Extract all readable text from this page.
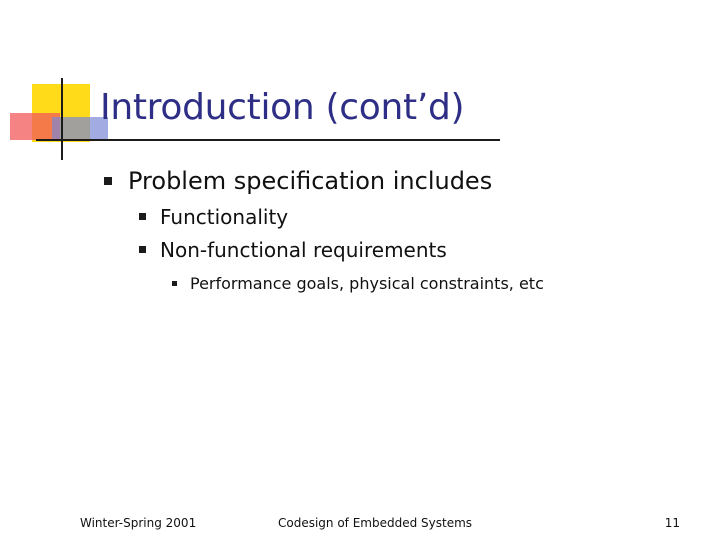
Introduction (cont’d)

Problem specification includes

Functionality

Non-functional requirements

Performance goals, physical constraints, etc

Winter-Spring 2001	Codesign of Embedded Systems	11
